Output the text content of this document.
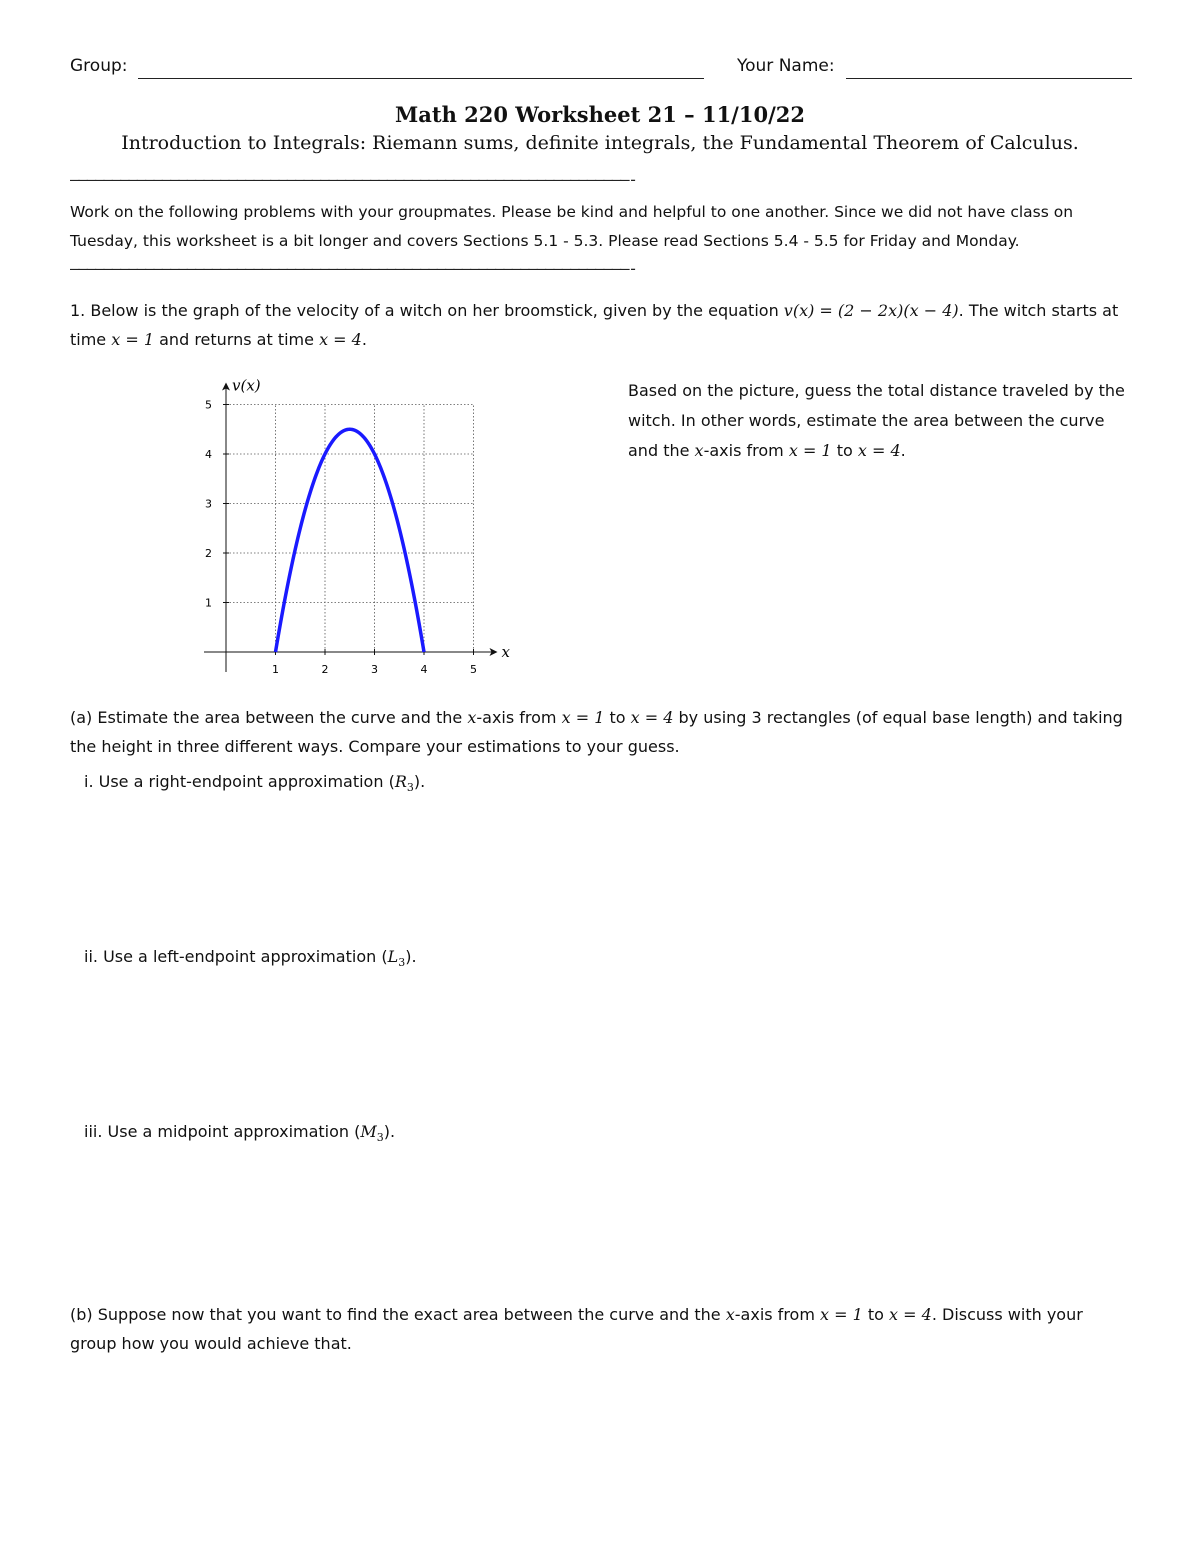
Group:	Your Name:
Math 220 Worksheet 21 – 11/10/22
Introduction to Integrals: Riemann sums, definite integrals, the Fundamental Theorem of Calculus.
———————————————————————————————————————————————————————————————————-
Work on the following problems with your groupmates. Please be kind and helpful to one another. Since we did not have class on Tuesday, this worksheet is a bit longer and covers Sections 5.1 - 5.3. Please read Sections 5.4 - 5.5 for Friday and Monday.
———————————————————————————————————————————————————————————————————-
1. Below is the graph of the velocity of a witch on her broomstick, given by the equation v(x) = (2 − 2x)(x − 4). The witch starts at time x = 1 and returns at time x = 4.
1	2	3	4	5
1
2
3
4
5
v(x)
x
Based on the picture, guess the total distance traveled by the witch. In other words, estimate the area between the curve and the x-axis from x = 1 to x = 4.
(a) Estimate the area between the curve and the x-axis from x = 1 to x = 4 by using 3 rectangles (of equal base length) and taking the height in three different ways. Compare your estimations to your guess.
i. Use a right-endpoint approximation $(R_3)$.
ii. Use a left-endpoint approximation $(L_3)$.
iii. Use a midpoint approximation $(M_3)$.
(b) Suppose now that you want to find the exact area between the curve and the x-axis from x = 1 to x = 4. Discuss with your group how you would achieve that.
